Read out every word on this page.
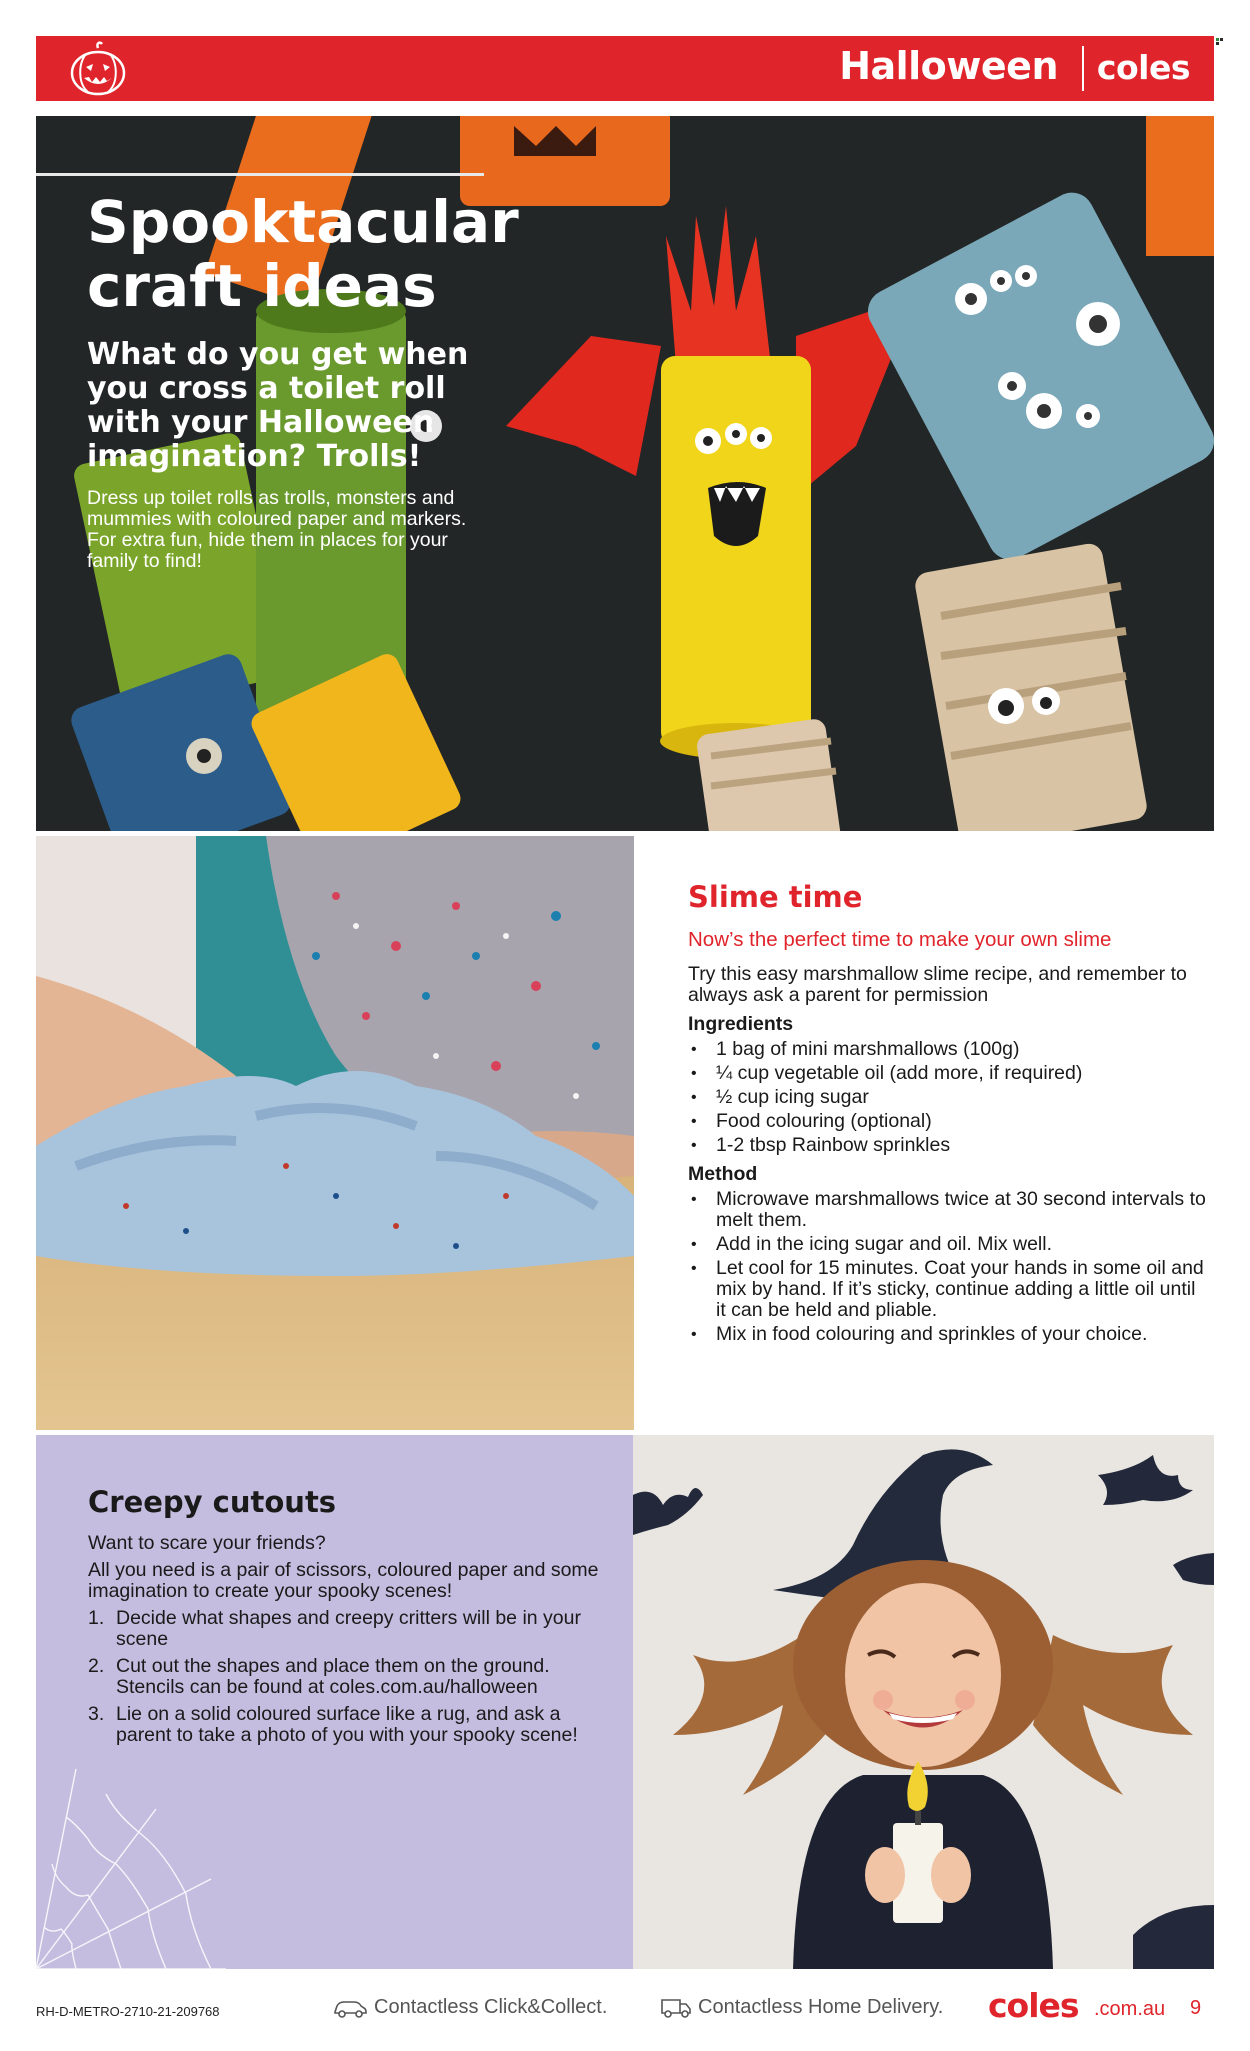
Halloween coles
Spooktacular
craft ideas
What do you get when you cross a toilet roll with your Halloween imagination? Trolls!
Dress up toilet rolls as trolls, monsters and mummies with coloured paper and markers. For extra fun, hide them in places for your family to find!
Slime time
Now’s the perfect time to make your own slime
Try this easy marshmallow slime recipe, and remember to always ask a parent for permission
Ingredients
• 1 bag of mini marshmallows (100g)
• ¼ cup vegetable oil (add more, if required)
• ½ cup icing sugar
• Food colouring (optional)
• 1-2 tbsp Rainbow sprinkles
Method
• Microwave marshmallows twice at 30 second intervals to melt them.
• Add in the icing sugar and oil. Mix well.
• Let cool for 15 minutes. Coat your hands in some oil and mix by hand. If it’s sticky, continue adding a little oil until it can be held and pliable.
• Mix in food colouring and sprinkles of your choice.
Creepy cutouts
Want to scare your friends?
All you need is a pair of scissors, coloured paper and some imagination to create your spooky scenes!
1. Decide what shapes and creepy critters will be in your scene
2. Cut out the shapes and place them on the ground. Stencils can be found at coles.com.au/halloween
3. Lie on a solid coloured surface like a rug, and ask a parent to take a photo of you with your spooky scene!
RH-D-METRO-2710-21-209768	Contactless Click&Collect.	Contactless Home Delivery. coles .com.au 9
